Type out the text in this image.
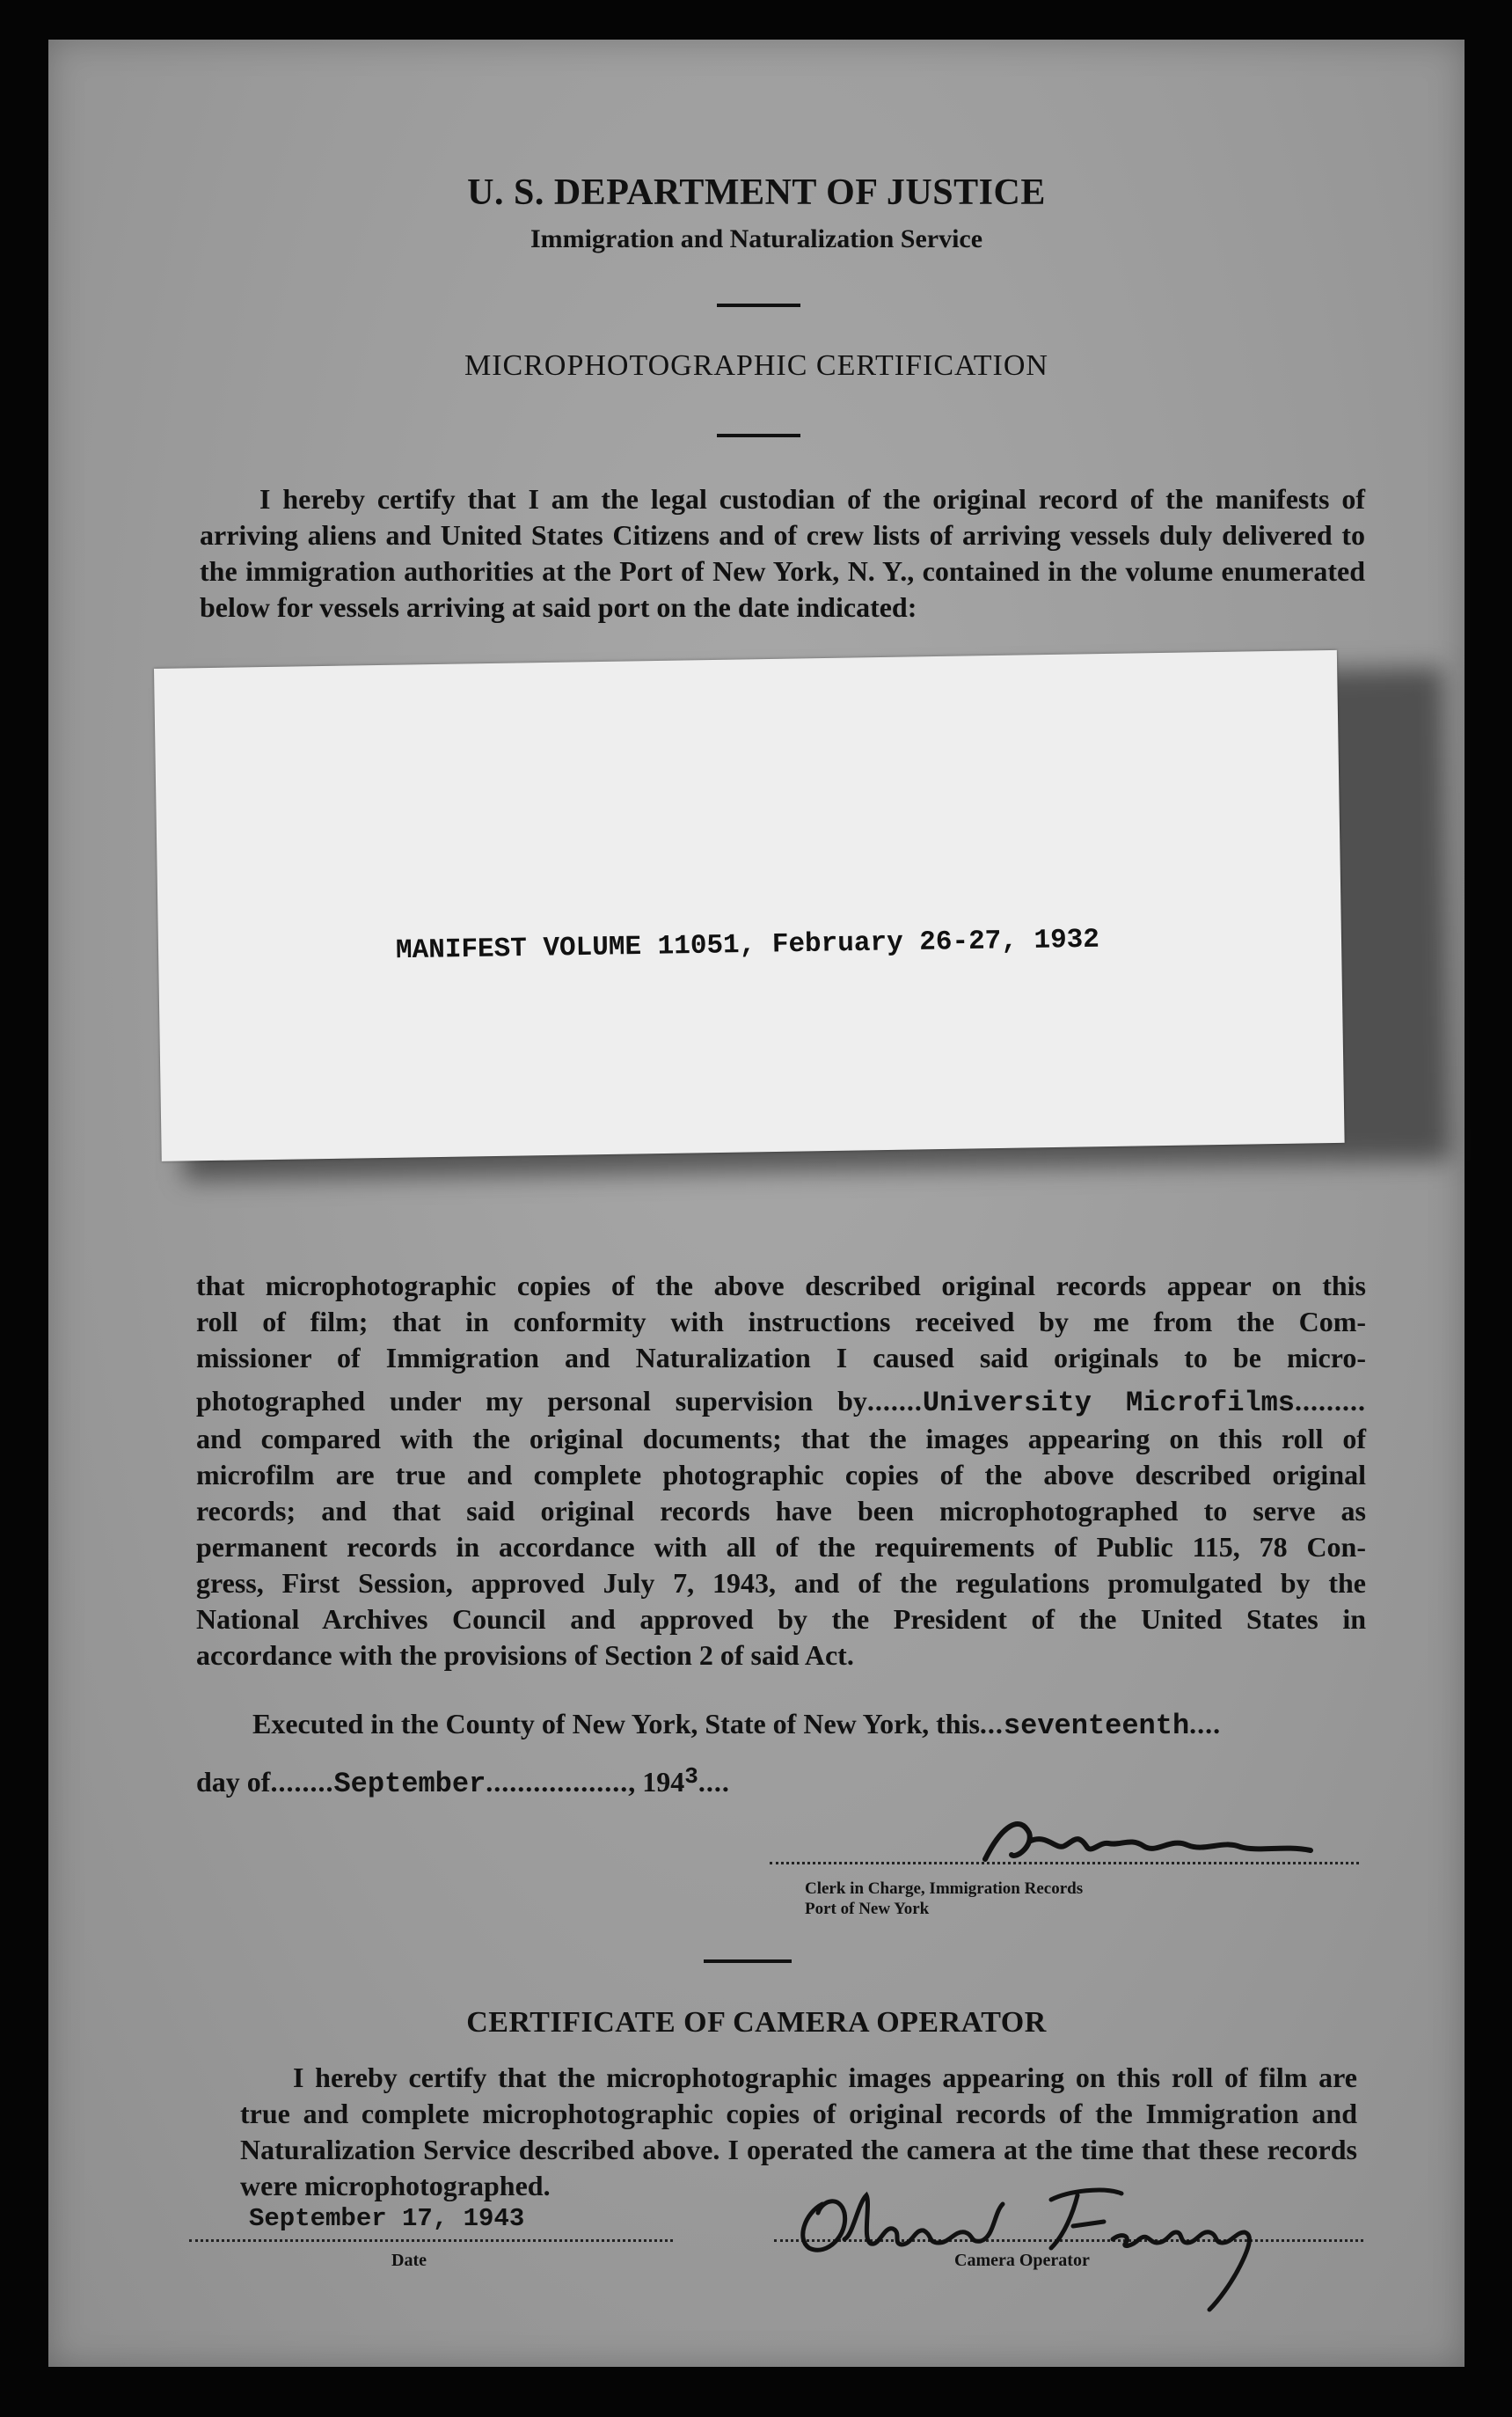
U. S. DEPARTMENT OF JUSTICE
Immigration and Naturalization Service
MICROPHOTOGRAPHIC CERTIFICATION
I hereby certify that I am the legal custodian of the original record of the manifests of arriving aliens and United States Citizens and of crew lists of arriving vessels duly delivered to the immigration authorities at the Port of New York, N. Y., contained in the volume enumerated below for vessels arriving at said port on the date indicated:
MANIFEST VOLUME 11051, February 26-27, 1932
that microphotographic copies of the above described original records appear on this
roll of film; that in conformity with instructions received by me from the Com-
missioner of Immigration and Naturalization I caused said originals to be micro-
photographed under my personal supervision by.......University Microfilms.........
and compared with the original documents; that the images appearing on this roll of
microfilm are true and complete photographic copies of the above described original
records; and that said original records have been microphotographed to serve as
permanent records in accordance with all of the requirements of Public 115, 78 Con-
gress, First Session, approved July 7, 1943, and of the regulations promulgated by the
National Archives Council and approved by the President of the United States in
accordance with the provisions of Section 2 of said Act.
Executed in the County of New York, State of New York, this...seventeenth....
day of........September.................., $194^3$....
Clerk in Charge, Immigration Records
Port of New York
CERTIFICATE OF CAMERA OPERATOR
I hereby certify that the microphotographic images appearing on this roll of film are true and complete microphotographic copies of original records of the Immigration and Naturalization Service described above. I operated the camera at the time that these records were microphotographed.
September 17, 1943
Date	Camera Operator
